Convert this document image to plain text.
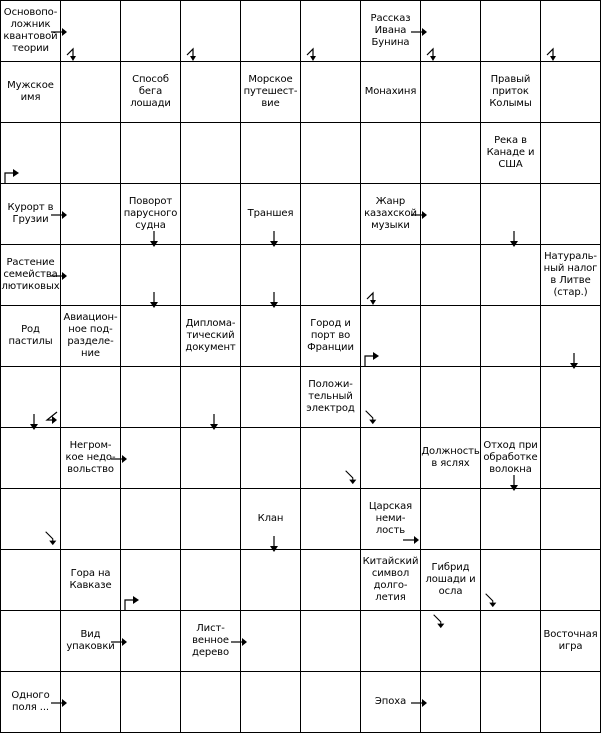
Основопо-
ложник
квантовой
теории
Рассказ
Ивана
Бунина
Мужское
имя
Способ
бега
лошади
Морское
путешест-
вие
Монахиня
Правый
приток
Колымы
Река в
Канаде и
США
Курорт в
Грузии
Поворот
парусного
судна
Траншея
Жанр
казахской
музыки
Растение
семейства
лютиковых
Натураль-
ный налог
в Литве
(стар.)
Род
пастилы
Авиацион-
ное под-
разделе-
ние
Диплома-
тический
документ
Город и
порт во
Франции
Положи-
тельный
электрод
Негром-
кое недо-
вольство
Должность
в яслях
Отход при
обработке
волокна
Клан
Царская
неми-
лость
Гора на
Кавказе
Китайский
символ
долго-
летия
Гибрид
лошади и
осла
Вид
упаковки
Лист-
венное
дерево
Восточная
игра
Одного
поля ...
Эпоха
